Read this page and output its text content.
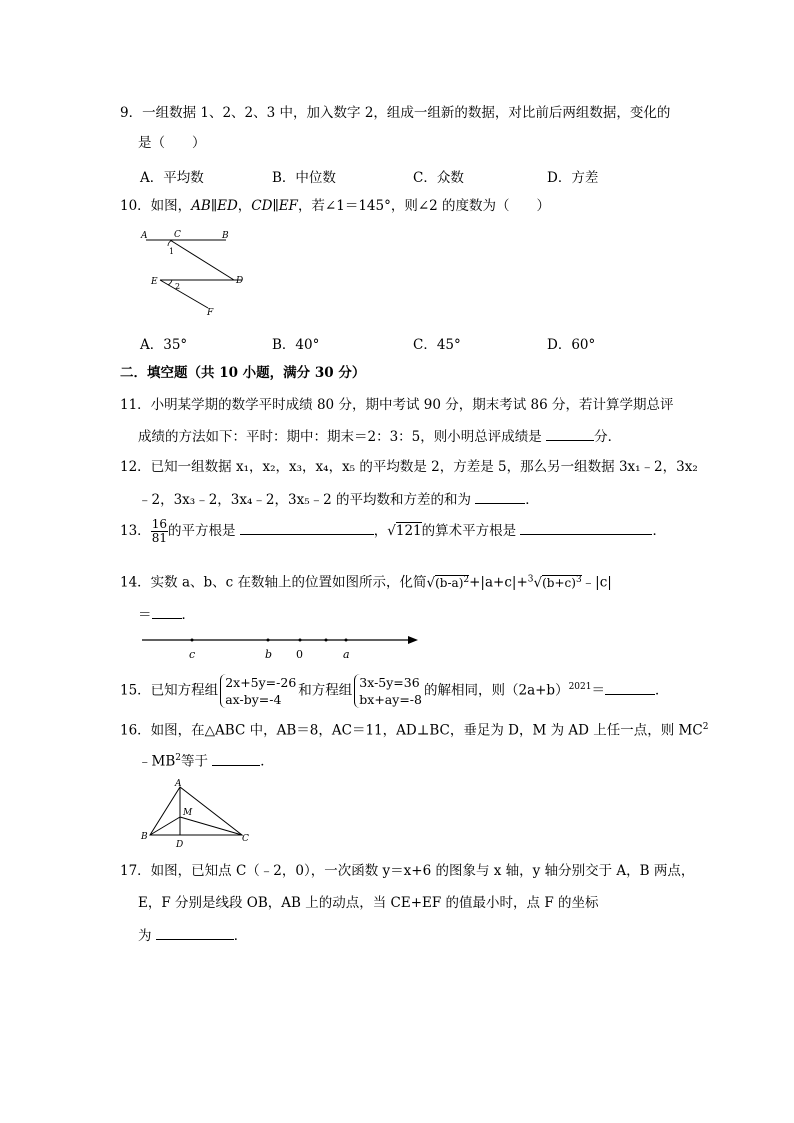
9．一组数据 1、2、2、3 中，加入数字 2，组成一组新的数据，对比前后两组数据，变化的
是（　　）
A．平均数	B．中位数	C．众数	D．方差
10．如图，AB∥ED，CD∥EF，若∠1＝145°，则∠2 的度数为（　　）
A	C	B
1
E 2
D
F
A．35°	B．40°	C．45°	D．60°
二．填空题（共 10 小题，满分 30 分）
11．小明某学期的数学平时成绩 80 分，期中考试 90 分，期末考试 86 分，若计算学期总评
成绩的方法如下：平时：期中：期末＝2：3：5，则小明总评成绩是	分．
12．已知一组数据 x₁，x₂，x₃，x₄，x₅ 的平均数是 2，方差是 5，那么另一组数据 3x₁﹣2，3x₂
﹣2，3x₃﹣2，3x₄﹣2，3x₅﹣2 的平均数和方差的和为	．
13． $\frac{16}{81}$ 的平方根是	，√121的算术平方根是	．
14．实数 a、b、c 在数轴上的位置如图所示，化简$√(b-a)^2+|a+c|+^3√(b+c)^3﹣|c|$
＝ ．
c	b 0	a
15．已知方程组 2x+5y=-26
ax-by=-4
和方程组 3x-5y=36
bx+ay=-8
的解相同，则$(2a+b)^{2021}=$	．
16．如图，在△ABC 中，AB＝8，AC＝11，AD⊥BC，垂足为 D，M 为 AD 上任一点，则 $MC^2$
$﹣MB^2$等于	．
A
M
B
D
C
17．如图，已知点 C（﹣2，0），一次函数 y＝x+6 的图象与 x 轴，y 轴分别交于 A，B 两点，
E，F 分别是线段 OB，AB 上的动点，当 CE+EF 的值最小时，点 F 的坐标
为	．
